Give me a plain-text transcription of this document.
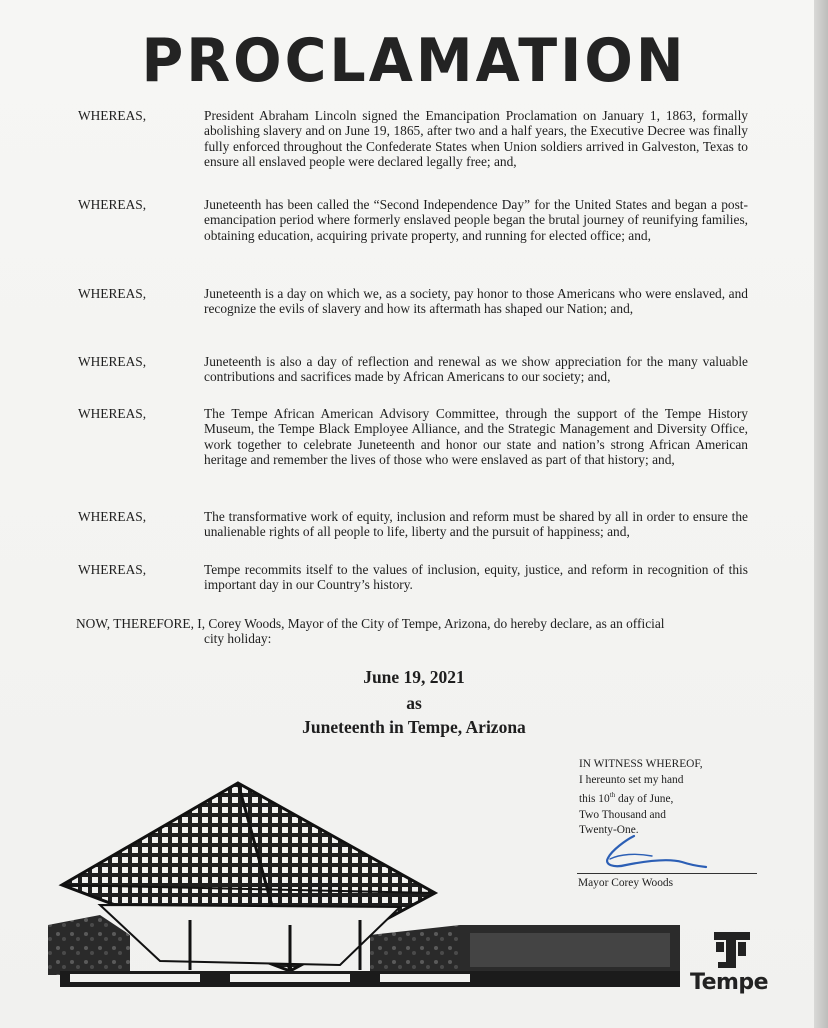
PROCLAMATION
WHEREAS,	President Abraham Lincoln signed the Emancipation Proclamation on January 1, 1863, formally abolishing slavery and on June 19, 1865, after two and a half years, the Executive Decree was finally fully enforced throughout the Confederate States when Union soldiers arrived in Galveston, Texas to ensure all enslaved people were declared legally free; and,
WHEREAS,	Juneteenth has been called the “Second Independence Day” for the United States and began a post-emancipation period where formerly enslaved people began the brutal journey of reunifying families, obtaining education, acquiring private property, and running for elected office; and,
WHEREAS,	Juneteenth is a day on which we, as a society, pay honor to those Americans who were enslaved, and recognize the evils of slavery and how its aftermath has shaped our Nation; and,
WHEREAS,	Juneteenth is also a day of reflection and renewal as we show appreciation for the many valuable contributions and sacrifices made by African Americans to our society; and,
WHEREAS,	The Tempe African American Advisory Committee, through the support of the Tempe History Museum, the Tempe Black Employee Alliance, and the Strategic Management and Diversity Office, work together to celebrate Juneteenth and honor our state and nation’s strong African American heritage and remember the lives of those who were enslaved as part of that history; and,
WHEREAS,	The transformative work of equity, inclusion and reform must be shared by all in order to ensure the unalienable rights of all people to life, liberty and the pursuit of happiness; and,
WHEREAS,	Tempe recommits itself to the values of inclusion, equity, justice, and reform in recognition of this important day in our Country’s history.
NOW, THEREFORE, I, Corey Woods, Mayor of the City of Tempe, Arizona, do hereby declare, as an official
city holiday:
June 19, 2021
as
Juneteenth in Tempe, Arizona
IN WITNESS WHEREOF,
I hereunto set my hand
this 10th day of June,
Two Thousand and
Twenty-One.
Mayor Corey Woods
Tempe
